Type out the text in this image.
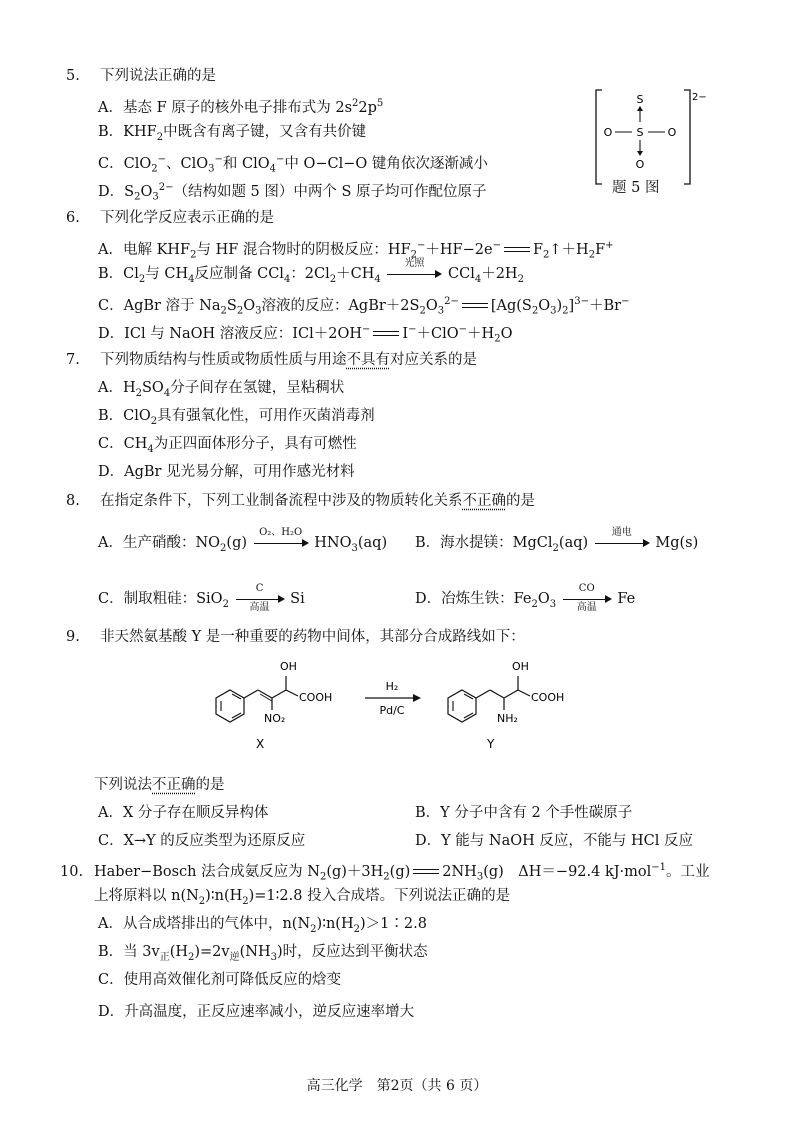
5. 下列说法正确的是
A．基态 F 原子的核外电子排布式为 $2s^22p^5$
B．$KHF_2$中既含有离子键，又含有共价键
C．ClO$_2$−、ClO$_3$−和 ClO$_4$−中 O−Cl−O 键角依次逐渐减小
D．$S_2O_3^{2-}$（结构如题 5 图）中两个 S 原子均可作配位原子
2−
S
S
O	O
O
题 5 图
6. 下列化学反应表示正确的是
A．电解 $KHF_2$与 HF 混合物时的阴极反应：$HF_2^-+HF-2e^-$ $F_2↑+H_2F^+$
B．$Cl_2$与 $CH_4$反应制备 CCl$_4$：$2Cl_2+CH_4$
光照
$CCl_4+2H_2$
C．AgBr 溶于 $Na_2S_2O_3$溶液的反应：$AgBr+2S_2O_3^{2-}$ $[Ag(S_2O_3)_2]^{3-}+Br^-$
D．ICl 与 NaOH 溶液反应：ICl＋2OH− $I^-+ClO^-+H_2O$
7. 下列物质结构与性质或物质性质与用途不具有对应关系的是
A．$H_2SO_4$分子间存在氢键，呈粘稠状
B．ClO$_2$具有强氧化性，可用作灭菌消毒剂
C．$CH_4$为正四面体形分子，具有可燃性
D．AgBr 见光易分解，可用作感光材料
8. 在指定条件下，下列工业制备流程中涉及的物质转化关系不正确的是
A．生产硝酸：$NO_2(g)$
O₂、H₂O
$HNO_3(aq)$ B．海水提镁：MgCl$_2$(aq)
通电
Mg(s)
C．制取粗硅：SiO$_2$
C
高温
Si	D．冶炼生铁：$Fe_2O_3$
CO
高温
Fe
9. 非天然氨基酸 Y 是一种重要的药物中间体，其部分合成路线如下：
OH
COOH
NO₂
X
H₂
Pd/C
OH
COOH
NH₂
Y
下列说法不正确的是
A．X 分子存在顺反异构体	B．Y 分子中含有 2 个手性碳原子
C．X→Y 的反应类型为还原反应	D．Y 能与 NaOH 反应，不能与 HCl 反应
10. Haber−Bosch 法合成氨反应为 $N_2(g)+3H_2(g)$ $2NH_3(g)$　ΔH＝−92.4 kJ·mol$^{-1}$。工业
上将原料以 $n(N_2)∶n(H_2)=1∶2.8$ 投入合成塔。下列说法正确的是
A．从合成塔排出的气体中，$n(N_2)∶n(H_2)>1∶2.8$
B．当 $3v_正(H_2)=2v_逆(NH_3)$时，反应达到平衡状态
C．使用高效催化剂可降低反应的焓变
D．升高温度，正反应速率减小，逆反应速率增大
高三化学　第2页（共 6 页）
